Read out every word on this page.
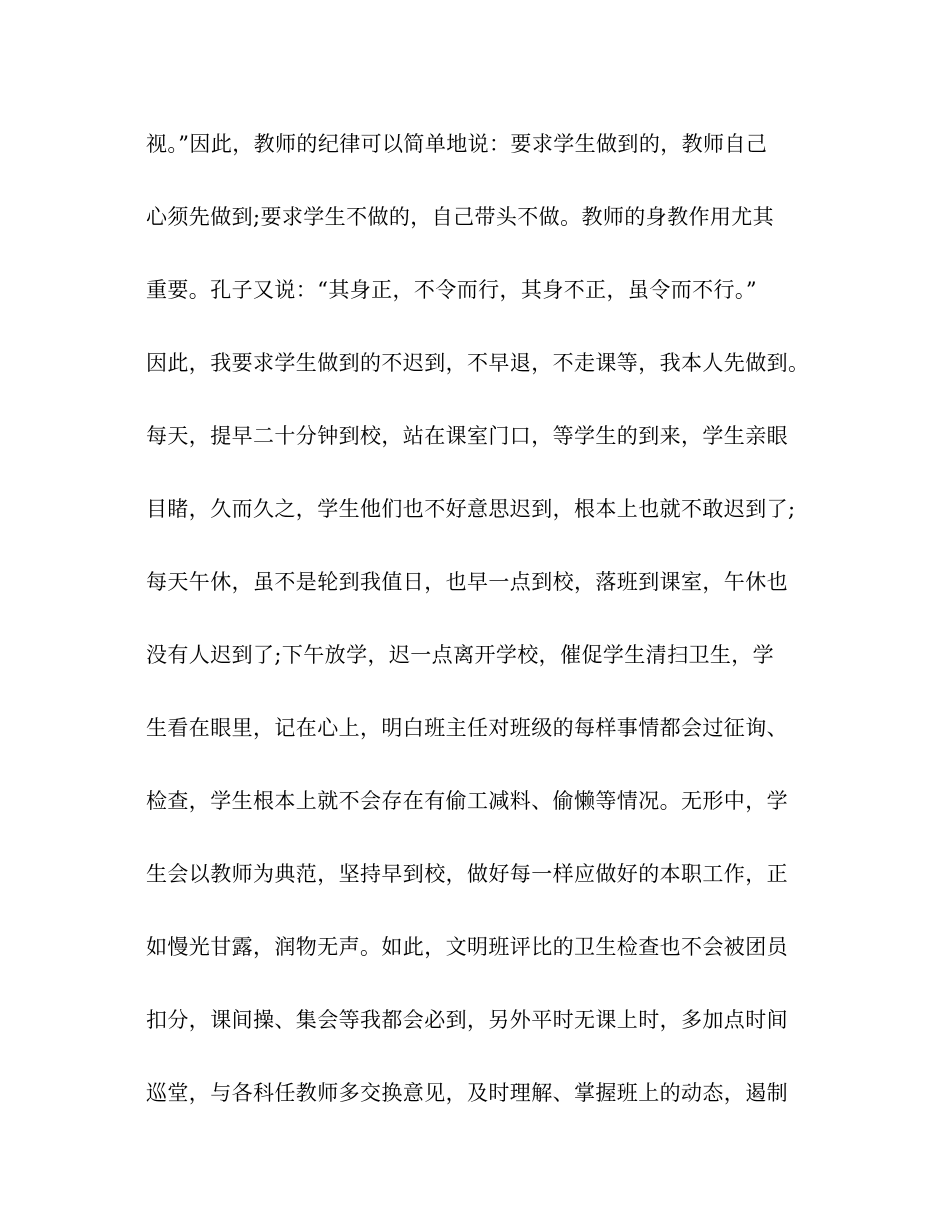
视。”因此，教师的纪律可以简单地说：要求学生做到的，教师自己
心须先做到;要求学生不做的，自己带头不做。教师的身教作用尤其
重要。孔子又说：“其身正，不令而行，其身不正，虽令而不行。”
因此，我要求学生做到的不迟到，不早退，不走课等，我本人先做到。
每天，提早二十分钟到校，站在课室门口，等学生的到来，学生亲眼
目睹，久而久之，学生他们也不好意思迟到，根本上也就不敢迟到了;
每天午休，虽不是轮到我值日，也早一点到校，落班到课室，午休也
没有人迟到了;下午放学，迟一点离开学校，催促学生清扫卫生，学
生看在眼里，记在心上，明白班主任对班级的每样事情都会过征询、
检查，学生根本上就不会存在有偷工减料、偷懒等情况。无形中，学
生会以教师为典范，坚持早到校，做好每一样应做好的本职工作，正
如慢光甘露，润物无声。如此，文明班评比的卫生检查也不会被团员
扣分，课间操、集会等我都会必到，另外平时无课上时，多加点时间
巡堂，与各科任教师多交换意见，及时理解、掌握班上的动态，遏制
